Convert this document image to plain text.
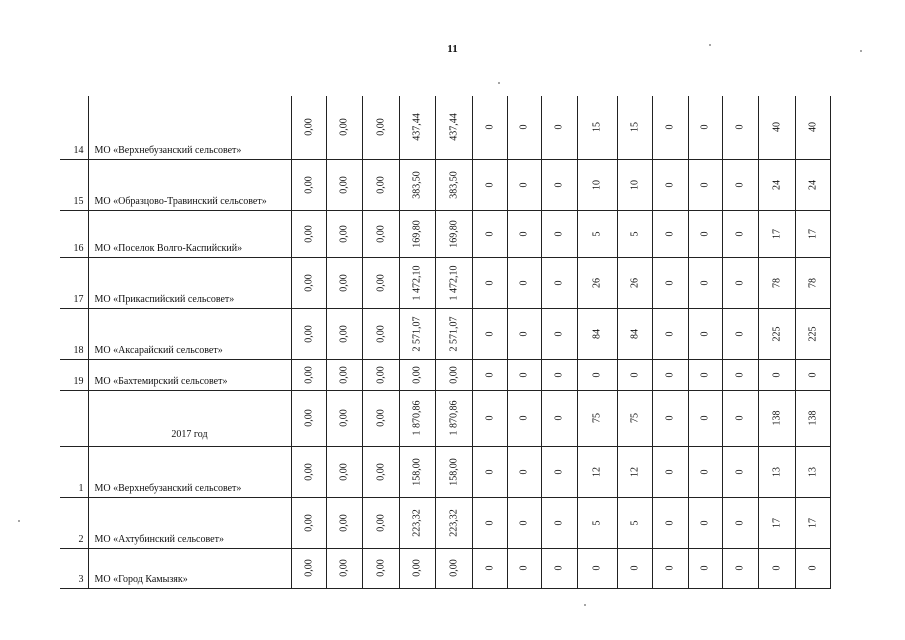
11
14	МО «Верхнебузанский сельсовет»	0,00	0,00	0,00	437,44	437,44	0	0	0	15	15	0	0	0	40	40

15	МО «Образцово-Травинский сельсовет»	0,00	0,00	0,00	383,50	383,50	0	0	0	10	10	0	0	0	24	24

16	МО «Поселок Волго-Каспийский»	0,00	0,00	0,00	169,80	169,80	0	0	0	5	5	0	0	0	17	17

17	МО «Прикаспийский сельсовет»	0,00	0,00	0,00	1 472,10	1 472,10	0	0	0	26	26	0	0	0	78	78

18	МО «Аксарайский сельсовет»	0,00	0,00	0,00	2 571,07	2 571,07	0	0	0	84	84	0	0	0	225	225

19	МО «Бахтемирский сельсовет»	0,00	0,00	0,00	0,00	0,00	0	0	0	0	0	0	0	0	0	0

	2017 год	0,00	0,00	0,00	1 870,86	1 870,86	0	0	0	75	75	0	0	0	138	138

1	МО «Верхнебузанский сельсовет»	0,00	0,00	0,00	158,00	158,00	0	0	0	12	12	0	0	0	13	13

2	МО «Ахтубинский сельсовет»	0,00	0,00	0,00	223,32	223,32	0	0	0	5	5	0	0	0	17	17

3	МО «Город Камызяк»	0,00	0,00	0,00	0,00	0,00	0	0	0	0	0	0	0	0	0	0
